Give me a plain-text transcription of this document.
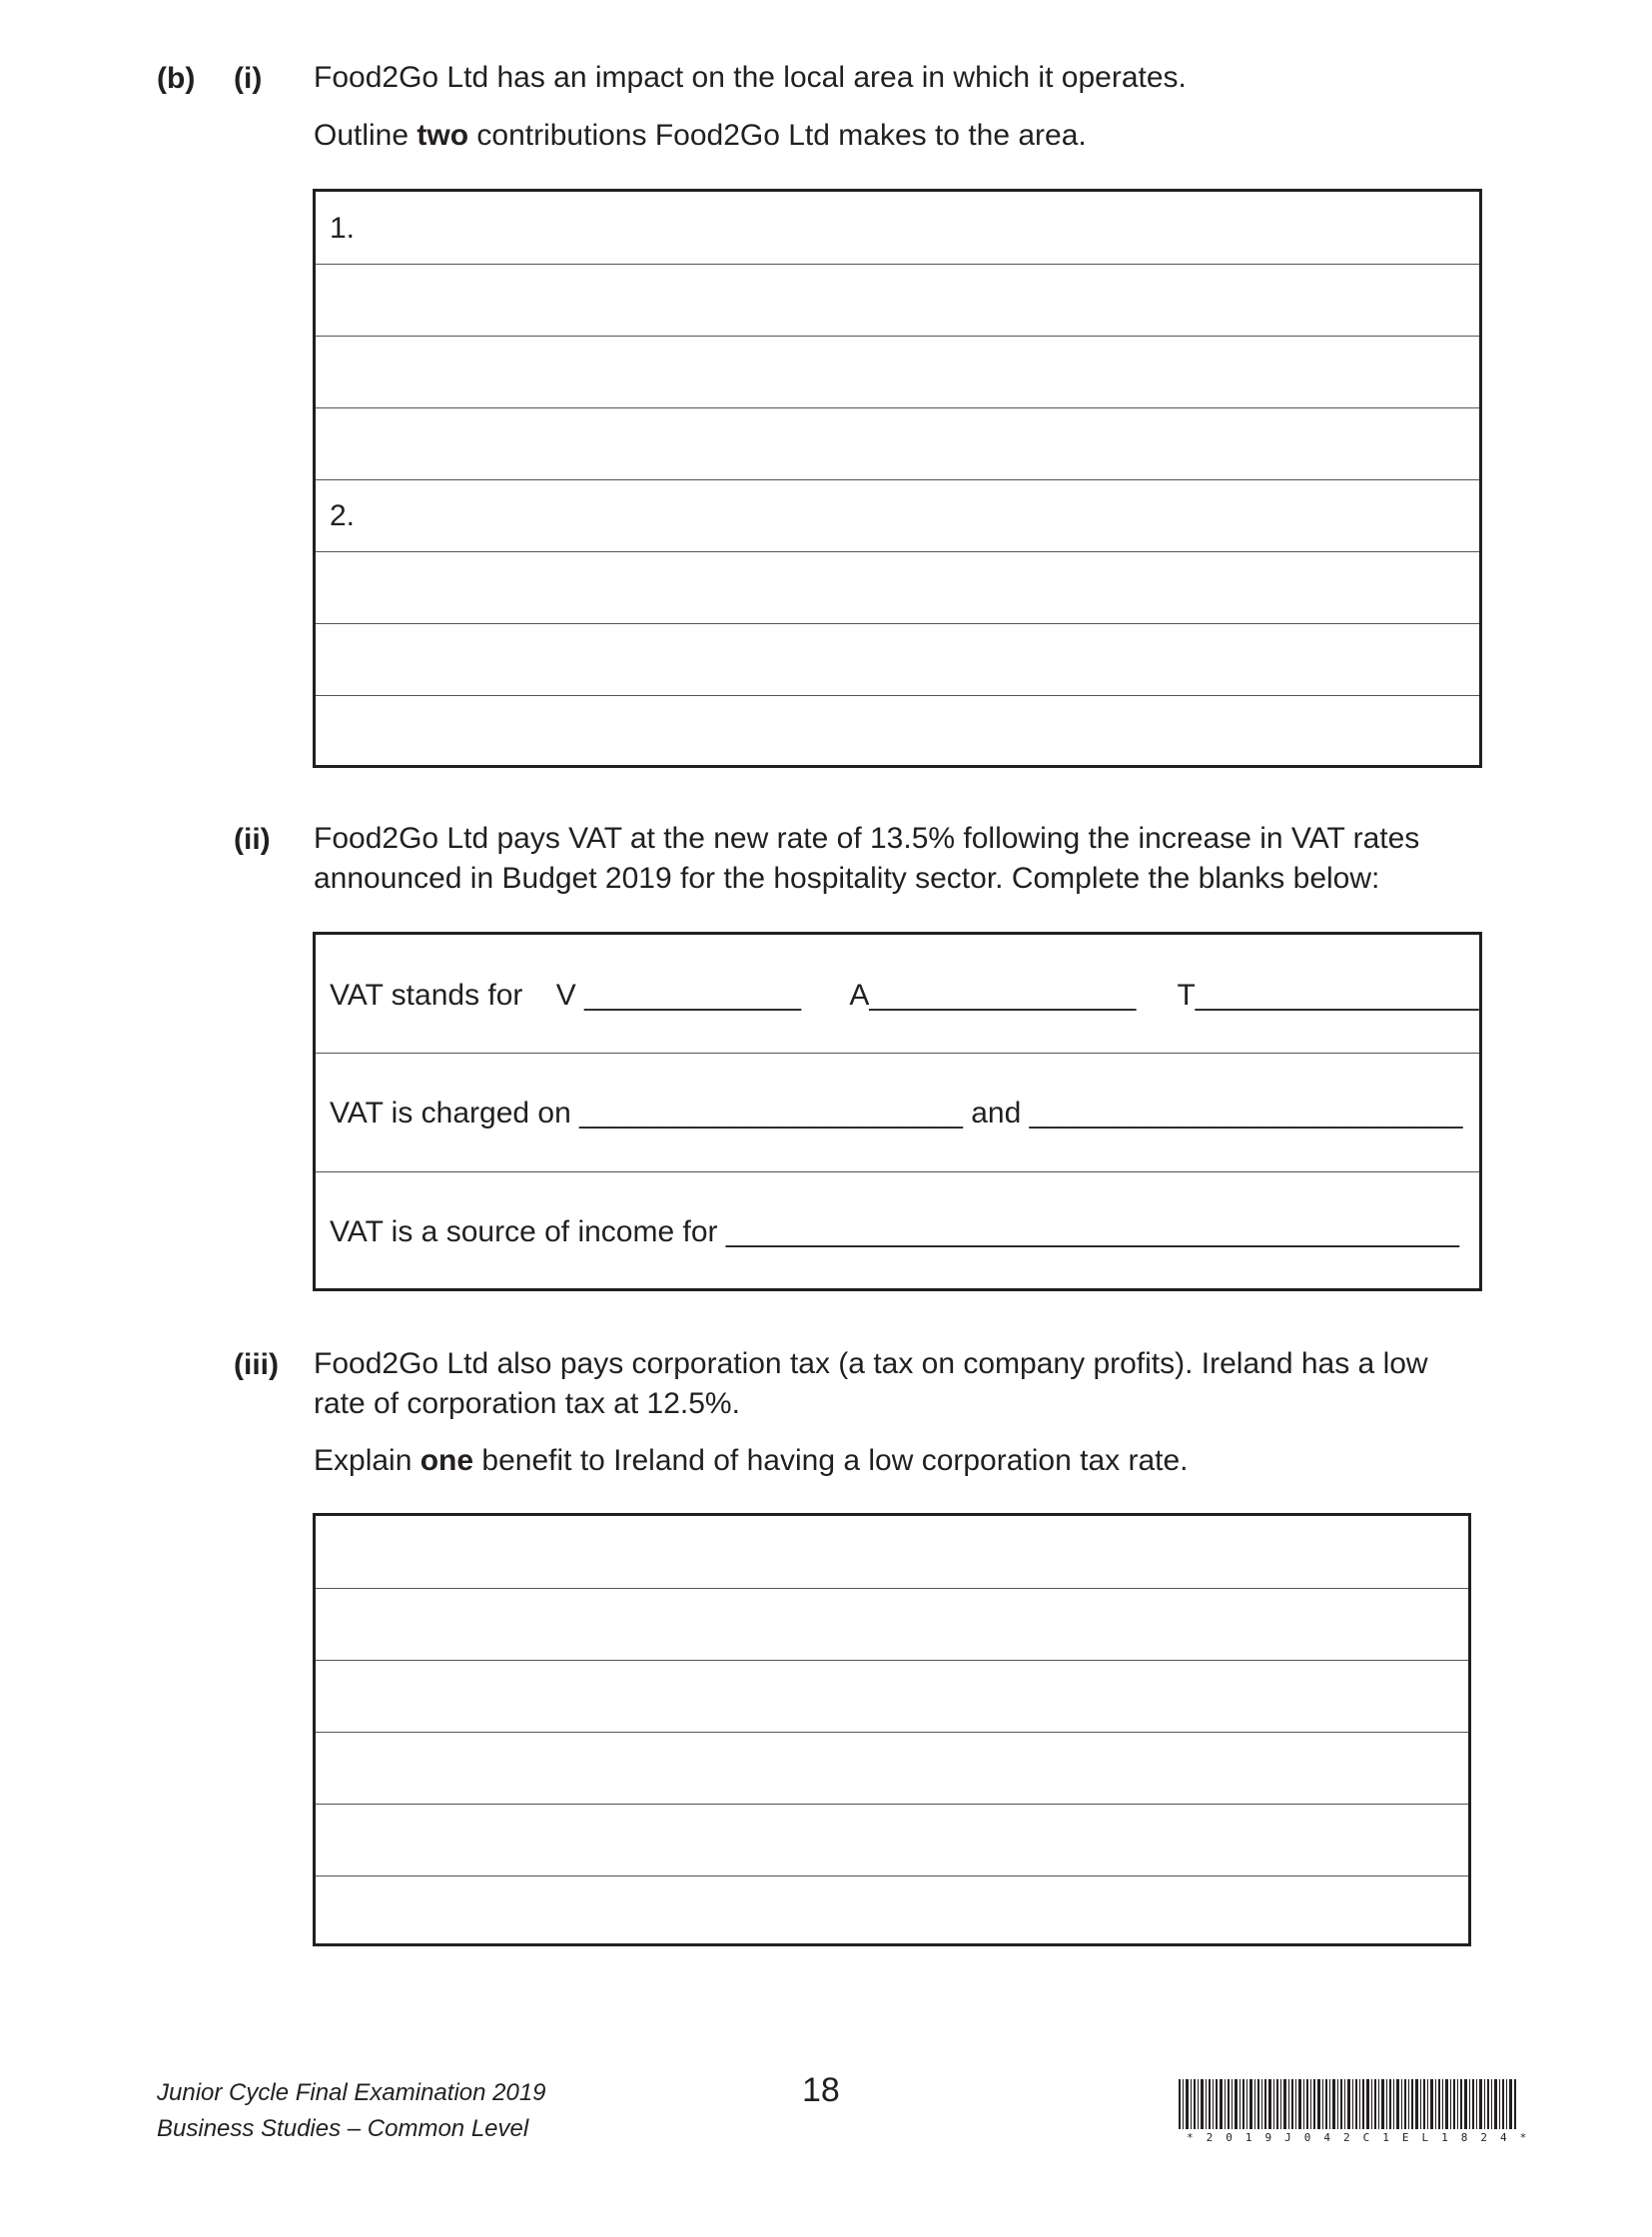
(b) (i) Food2Go Ltd has an impact on the local area in which it operates.
Outline two contributions Food2Go Ltd makes to the area.
1.
2.
(ii) Food2Go Ltd pays VAT at the new rate of 13.5% following the increase in VAT rates
announced in Budget 2019 for the hospitality sector. Complete the blanks below:
VAT stands for    V _____________      A________________     T_________________
VAT is charged on _______________________ and __________________________
VAT is a source of income for ____________________________________________
(iii) Food2Go Ltd also pays corporation tax (a tax on company profits). Ireland has a low
rate of corporation tax at 12.5%.
Explain one benefit to Ireland of having a low corporation tax rate.
Junior Cycle Final Examination 2019
Business Studies – Common Level
18
*2019J042C1EL1824*
